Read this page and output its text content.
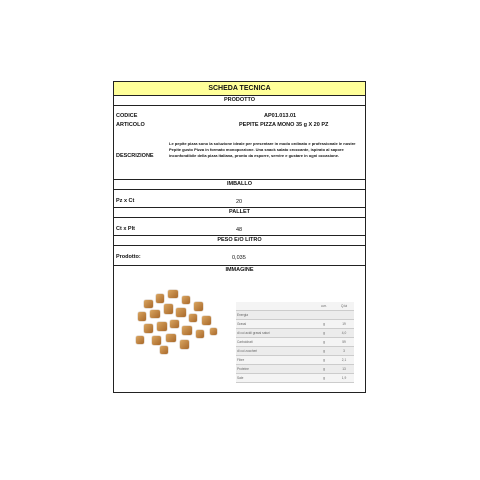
SCHEDA TECNICA
PRODOTTO
CODICE	AP01.013.01
ARTICOLO	PEPITE PIZZA MONO 35 g X 20 PZ
DESCRIZIONE
Le pepite pizza sono la soluzione ideale per presentare in modo ordinato e professionale le nostre Pepite gusto Pizza in formato monoporzione. Una snack salato croccante, ispirato al sapore inconfondibile della pizza italiana, pronto da esporre, servire e gustare in ogni occasione.
IMBALLO
Pz x Ct	20
PALLET
Ct x Plt	48
PESO E/O LITRO
Prodotto:	0,035
IMMAGINE
	u.m.	Q.tà
Energia		
Grassi	g	19
di cui acidi grassi saturi	g	4,0
Carboidrati	g	59
di cui zuccheri	g	3
Fibre	g	2,1
Proteine	g	13
Sale	g	1,9
